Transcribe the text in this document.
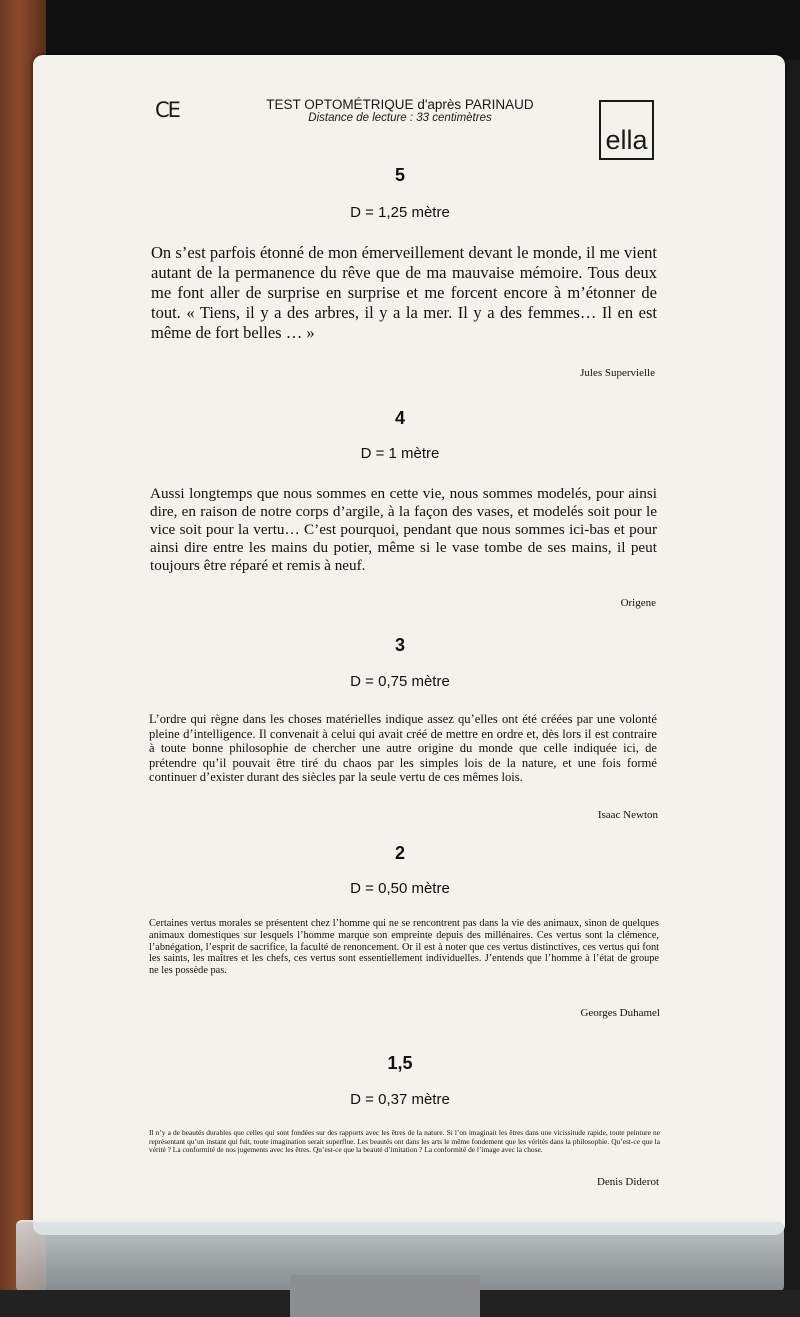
CE	TEST OPTOMÉTRIQUE d'après PARINAUD
Distance de lecture : 33 centimètres
ella
5
D = 1,25 mètre

On s’est parfois étonné de mon émerveillement devant le monde, il me vient autant de la permanence du rêve que de ma mauvaise mémoire. Tous deux me font aller de surprise en surprise et me forcent encore à m’étonner de tout. « Tiens, il y a des arbres, il y a la mer. Il y a des femmes… Il en est même de fort belles … »

Jules Supervielle
4
D = 1 mètre

Aussi longtemps que nous sommes en cette vie, nous sommes modelés, pour ainsi dire, en raison de notre corps d’argile, à la façon des vases, et modelés soit pour le vice soit pour la vertu… C’est pourquoi, pendant que nous sommes ici-bas et pour ainsi dire entre les mains du potier, même si le vase tombe de ses mains, il peut toujours être réparé et remis à neuf.

Origene
3
D = 0,75 mètre

L’ordre qui règne dans les choses matérielles indique assez qu’elles ont été créées par une volonté pleine d’intelligence. Il convenait à celui qui avait créé de mettre en ordre et, dès lors il est contraire à toute bonne philosophie de chercher une autre origine du monde que celle indiquée ici, de prétendre qu’il pouvait être tiré du chaos par les simples lois de la nature, et une fois formé continuer d’exister durant des siècles par la seule vertu de ces mêmes lois.

Isaac Newton
2
D = 0,50 mètre

Certaines vertus morales se présentent chez l’homme qui ne se rencontrent pas dans la vie des animaux, sinon de quelques animaux domestiques sur lesquels l’homme marque son empreinte depuis des millénaires. Ces vertus sont la clémence, l’abnégation, l’esprit de sacrifice, la faculté de renoncement. Or il est à noter que ces vertus distinctives, ces vertus qui font les saints, les maîtres et les chefs, ces vertus sont essentiellement individuelles. J’entends que l’homme à l’état de groupe ne les possède pas.

Georges Duhamel
1,5
D = 0,37 mètre

Il n’y a de beautés durables que celles qui sont fondées sur des rapports avec les êtres de la nature. Si l’on imaginait les êtres dans une vicissitude rapide, toute peinture ne représentant qu’un instant qui fuit, toute imagination serait superflue. Les beautés ont dans les arts le même fondement que les vérités dans la philosophie. Qu’est-ce que la vérité ? La conformité de nos jugements avec les êtres. Qu’est-ce que la beauté d’imitation ? La conformité de l’image avec la chose.

Denis Diderot
